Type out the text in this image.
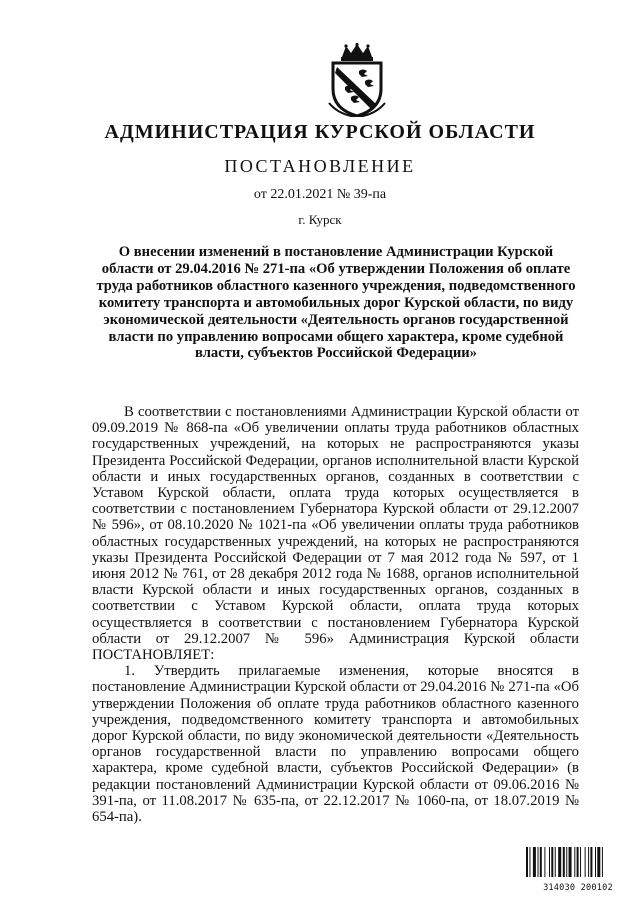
АДМИНИСТРАЦИЯ КУРСКОЙ ОБЛАСТИ
ПОСТАНОВЛЕНИЕ
от 22.01.2021 № 39-па
г. Курск
О внесении изменений в постановление Администрации Курской области от 29.04.2016 № 271-па «Об утверждении Положения об оплате труда работников областного казенного учреждения, подведомственного комитету транспорта и автомобильных дорог Курской области, по виду экономической деятельности «Деятельность органов государственной власти по управлению вопросами общего характера, кроме судебной власти, субъектов Российской Федерации»

В соответствии с постановлениями Администрации Курской области от 09.09.2019 № 868-па «Об увеличении оплаты труда работников областных государственных учреждений, на которых не распространяются указы Президента Российской Федерации, органов исполнительной власти Курской области и иных государственных органов, созданных в соответствии с Уставом Курской области, оплата труда которых осуществляется в соответствии с постановлением Губернатора Курской области от 29.12.2007 № 596», от 08.10.2020 № 1021-па «Об увеличении оплаты труда работников областных государственных учреждений, на которых не распространяются указы Президента Российской Федерации от 7 мая 2012 года № 597, от 1 июня 2012 № 761, от 28 декабря 2012 года № 1688, органов исполнительной власти Курской области и иных государственных органов, созданных в соответствии с Уставом Курской области, оплата труда которых осуществляется в соответствии с постановлением Губернатора Курской области от 29.12.2007 № 596» Администрация Курской области ПОСТАНОВЛЯЕТ:

1. Утвердить прилагаемые изменения, которые вносятся в постановление Администрации Курской области от 29.04.2016 № 271-па «Об утверждении Положения об оплате труда работников областного казенного учреждения, подведомственного комитету транспорта и автомобильных дорог Курской области, по виду экономической деятельности «Деятельность органов государственной власти по управлению вопросами общего характера, кроме судебной власти, субъектов Российской Федерации» (в редакции постановлений Администрации Курской области от 09.06.2016 № 391-па, от 11.08.2017 № 635-па, от 22.12.2017 № 1060-па, от 18.07.2019 № 654-па).

314030 200102
